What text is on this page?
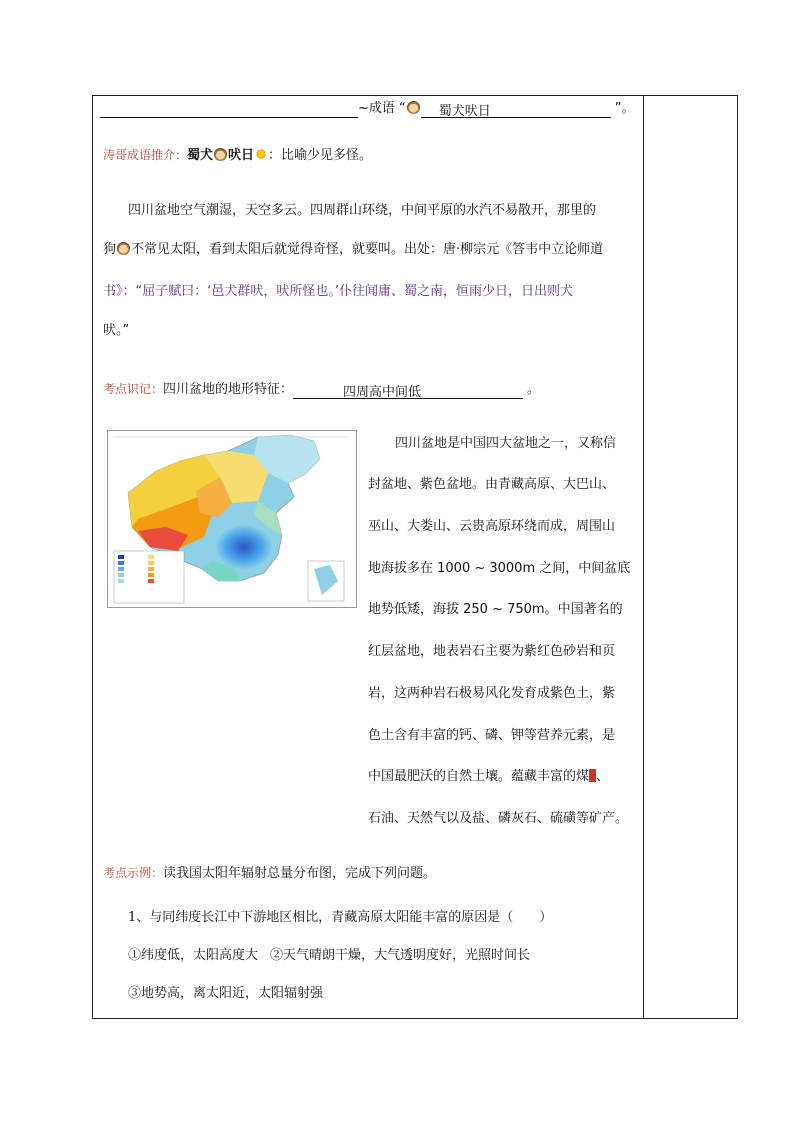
~成语 “	蜀犬吠日	”。
涛哥成语推介：蜀犬 吠日 ：比喻少见多怪。
四川盆地空气潮湿，天空多云。四周群山环绕，中间平原的水汽不易散开，那里的
狗 不常见太阳，看到太阳后就觉得奇怪，就要叫。出处：唐·柳宗元《答韦中立论师道
书》：“屈子赋曰：‘邑犬群吠，吠所怪也。’仆往闻庸、蜀之南，恒雨少日，日出则犬
吠。”
考点识记：四川盆地的地形特征：	四周高中间低	。
四川盆地是中国四大盆地之一，又称信
封盆地、紫色盆地。由青藏高原、大巴山、
巫山、大娄山、云贵高原环绕而成，周围山
地海拔多在 1000 ~ 3000m 之间，中间盆底
地势低矮，海拔 250 ~ 750m。中国著名的
红层盆地，地表岩石主要为紫红色砂岩和页
岩，这两种岩石极易风化发育成紫色土，紫
色土含有丰富的钙、磷、钾等营养元素，是
中国最肥沃的自然土壤。蕴藏丰富的煤 、
石油、天然气以及盐、磷灰石、硫磺等矿产。
考点示例：读我国太阳年辐射总量分布图，完成下列问题。
1、与同纬度长江中下游地区相比，青藏高原太阳能丰富的原因是（　　）
①纬度低，太阳高度大 ②天气晴朗干燥，大气透明度好，光照时间长
③地势高，离太阳近，太阳辐射强
